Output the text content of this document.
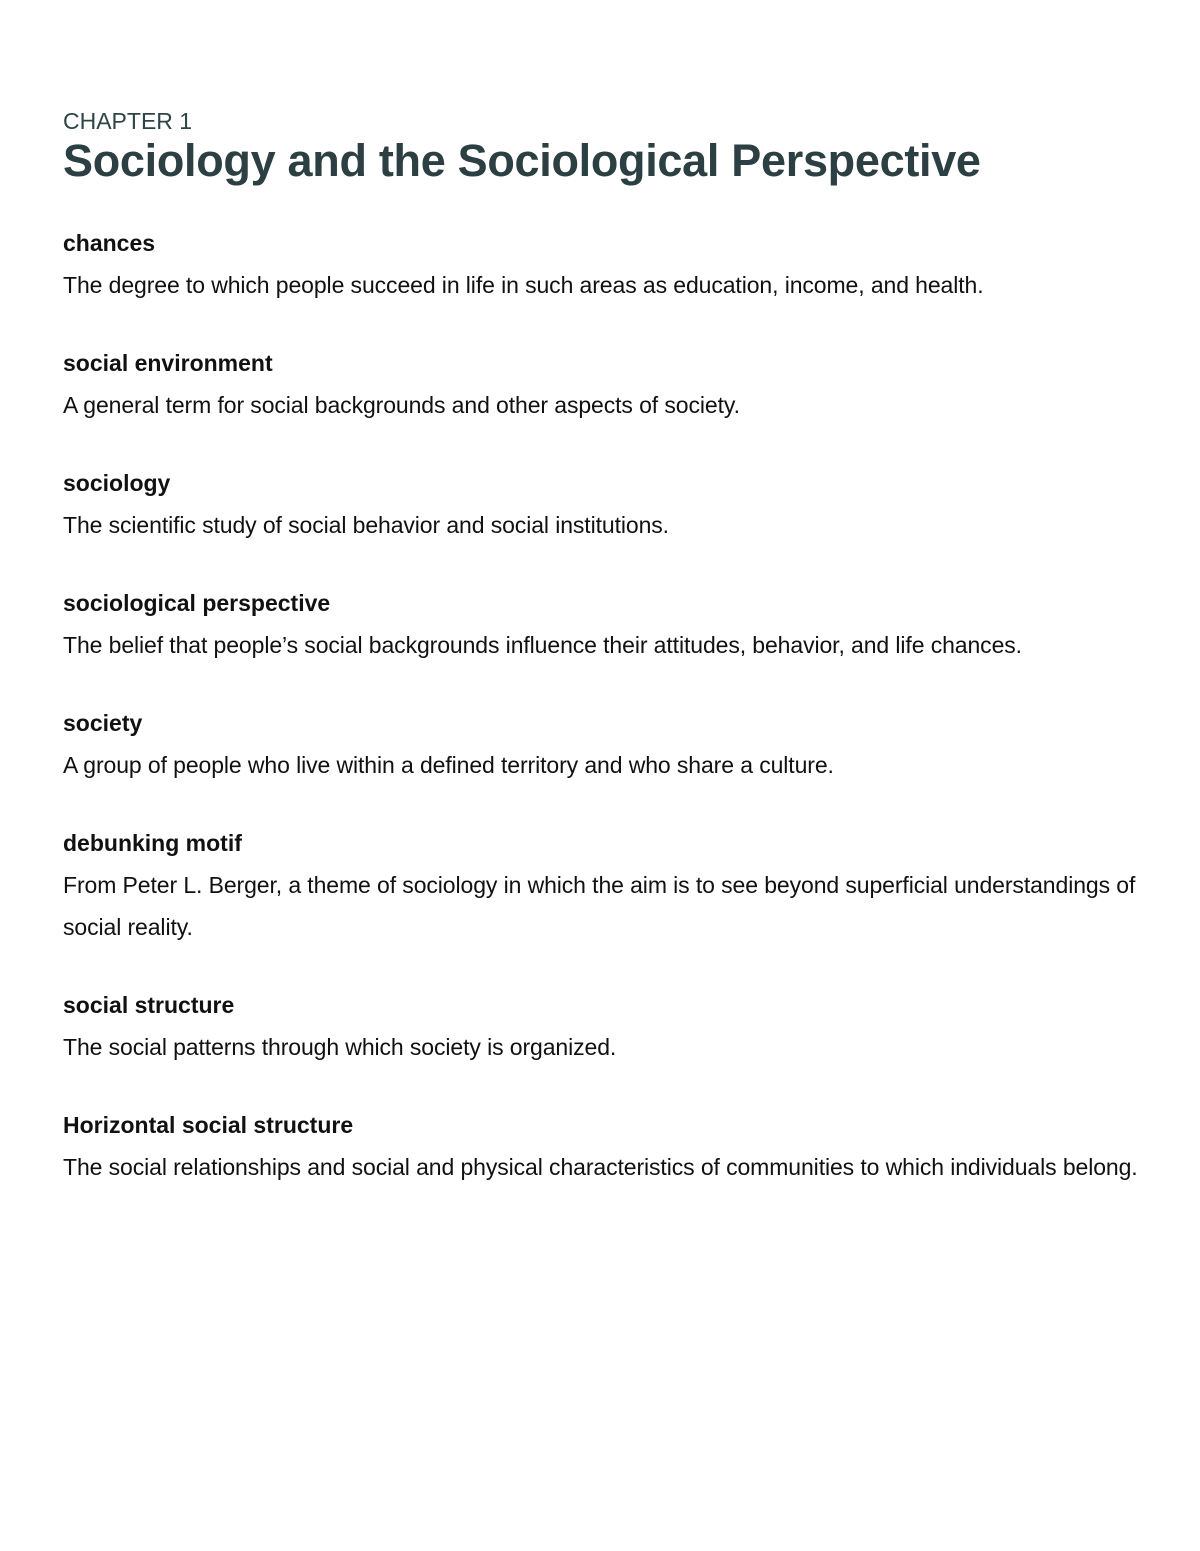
CHAPTER 1
Sociology and the Sociological Perspective
chances

The degree to which people succeed in life in such areas as education, income, and health.

social environment

A general term for social backgrounds and other aspects of society.

sociology

The scientific study of social behavior and social institutions.

sociological perspective

The belief that people’s social backgrounds influence their attitudes, behavior, and life chances.

society

A group of people who live within a defined territory and who share a culture.

debunking motif

From Peter L. Berger, a theme of sociology in which the aim is to see beyond superficial understandings of social reality.

social structure

The social patterns through which society is organized.

Horizontal social structure

The social relationships and social and physical characteristics of communities to which individuals belong.
